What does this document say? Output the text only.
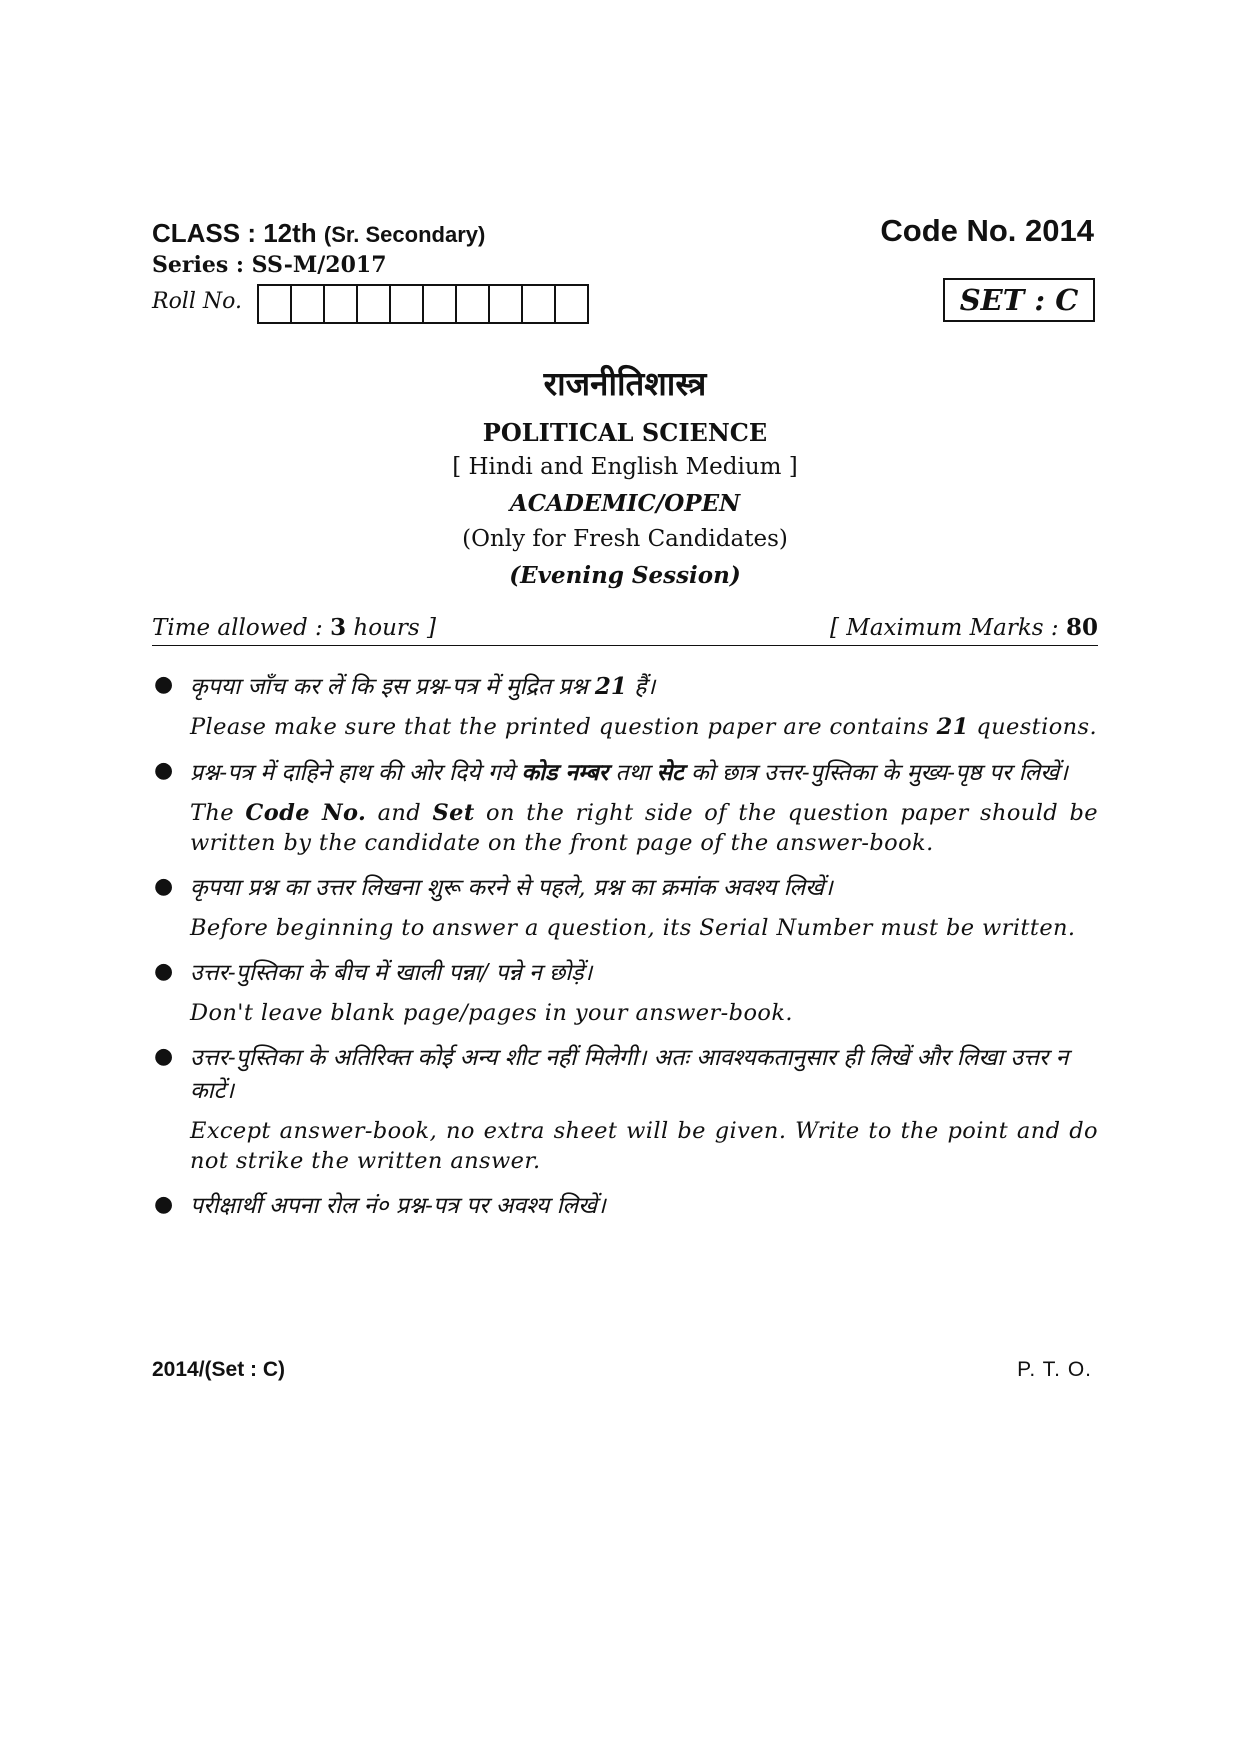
CLASS : 12th (Sr. Secondary)
Series : SS-M/2017
Roll No.
Code No. 2014
SET : C
राजनीतिशास्त्र
POLITICAL SCIENCE
[ Hindi and English Medium ]
ACADEMIC/OPEN
(Only for Fresh Candidates)
(Evening Session)
Time allowed : 3 hours ]	[ Maximum Marks : 80
● कृपया जाँच कर लें कि इस प्रश्न-पत्र में मुद्रित प्रश्न 21 हैं।
Please make sure that the printed question paper are contains 21 questions.
● प्रश्न-पत्र में दाहिने हाथ की ओर दिये गये कोड नम्बर तथा सेट को छात्र उत्तर-पुस्तिका के मुख्य-पृष्ठ पर लिखें।
The Code No. and Set on the right side of the question paper should be written by the candidate on the front page of the answer-book.
● कृपया प्रश्न का उत्तर लिखना शुरू करने से पहले, प्रश्न का क्रमांक अवश्य लिखें।
Before beginning to answer a question, its Serial Number must be written.
● उत्तर-पुस्तिका के बीच में खाली पन्ना/ पन्ने न छोड़ें।
Don't leave blank page/pages in your answer-book.
● उत्तर-पुस्तिका के अतिरिक्त कोई अन्य शीट नहीं मिलेगी। अतः आवश्यकतानुसार ही लिखें और लिखा उत्तर न काटें।
Except answer-book, no extra sheet will be given. Write to the point and do not strike the written answer.
● परीक्षार्थी अपना रोल नं० प्रश्न-पत्र पर अवश्य लिखें।
2014/(Set : C)	P. T. O.
